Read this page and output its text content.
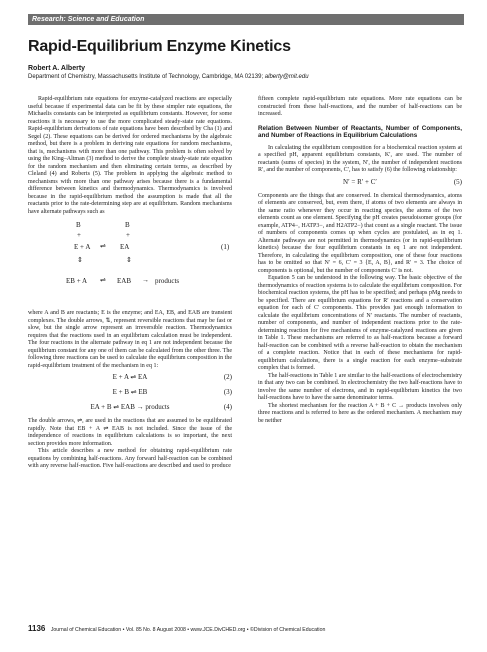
Research: Science and Education
Rapid-Equilibrium Enzyme Kinetics
Robert A. Alberty
Department of Chemistry, Massachusetts Institute of Technology, Cambridge, MA 02139; alberty@mit.edu

Rapid-equilibrium rate equations for enzyme-catalyzed reactions are especially useful because if experimental data can be fit by these simpler rate equations, the Michaelis constants can be interpreted as equilibrium constants. However, for some reactions it is necessary to use the more complicated steady-state rate equations. Rapid-equilibrium derivations of rate equations have been described by Cha (1) and Segel (2). These equations can be derived for ordered mechanisms by the algebraic method, but there is a problem in deriving rate equations for random mechanisms, that is, mechanisms with more than one pathway. This problem is often solved by using the King–Altman (3) method to derive the complete steady-state rate equation for the random mechanism and then eliminating certain terms, as described by Cleland (4) and Roberts (5). The problem in applying the algebraic method to mechanisms with more than one pathway arises because there is a fundamental difference between kinetics and thermodynamics. Thermodynamics is involved because in the rapid-equilibrium method the assumption is made that all the reactants prior to the rate-determining step are at equilibrium. Random mechanisms have alternate pathways such as

B	B
+	+
E + A ⇌ EA	(1)
⇕	⇕
EB + A ⇌ EAB → products

where A and B are reactants; E is the enzyme; and EA, EB, and EAB are transient complexes. The double arrows, ⇅, represent reversible reactions that may be fast or slow, but the single arrow represent an irreversible reaction. Thermodynamics requires that the reactions used in an equilibrium calculation must be independent. The four reactions in the alternate pathway in eq 1 are not independent because the equilibrium constant for any one of them can be calculated from the other three. The following three reactions can be used to calculate the equilibrium composition in the rapid-equilibrium treatment of the mechanism in eq 1:

E + A ⇌ EA	(2)
E + B ⇌ EB	(3)
EA + B ⇌ EAB → products	(4)

The double arrows, ⇌, are used in the reactions that are assumed to be equilibrated rapidly. Note that EB + A ⇌ EAB is not included. Since the issue of the independence of reactions in equilibrium calculations is so important, the next section provides more information.

This article describes a new method for obtaining rapid-equilibrium rate equations by combining half-reactions. Any forward half-reaction can be combined with any reverse half-reaction. Five half-reactions are described and used to produce

fifteen complete rapid-equilibrium rate equations. More rate equations can be constructed from these half-reactions, and the number of half-reactions can be increased.

Relation Between Number of Reactants, Number of Components, and Number of Reactions in Equilibrium Calculations

In calculating the equilibrium composition for a biochemical reaction system at a specified pH, apparent equilibrium constants, K′, are used. The number of reactants (sums of species) in the system, N′, the number of independent reactions R′, and the number of components, C′, has to satisfy (6) the following relationship:

N′ = R′ + C′	(5)

Components are the things that are conserved. In chemical thermodynamics, atoms of elements are conserved, but, even there, if atoms of two elements are always in the same ratio whenever they occur in reacting species, the atoms of the two elements count as one element. Specifying the pH creates pseudoisomer groups (for example, ATP4−, HATP3−, and H2ATP2−) that count as a single reactant. The issue of numbers of components comes up when cycles are postulated, as in eq 1. Alternate pathways are not permitted in thermodynamics (or in rapid-equilibrium kinetics) because the four equilibrium constants in eq 1 are not independent. Therefore, in calculating the equilibrium composition, one of these four reactions has to be omitted so that N′ = 6, C′ = 3 {E, A, B}, and R′ = 3. The choice of components is optional, but the number of components C′ is not.

Equation 5 can be understood in the following way. The basic objective of the thermodynamics of reaction systems is to calculate the equilibrium composition. For biochemical reaction systems, the pH has to be specified; and perhaps pMg needs to be specified. There are equilibrium equations for R′ reactions and a conservation equation for each of C′ components. This provides just enough information to calculate the equilibrium concentrations of N′ reactants. The number of reactants, number of components, and number of independent reactions prior to the rate-determining reaction for five mechanisms of enzyme-catalyzed reactions are given in Table 1. These mechanisms are referred to as half-reactions because a forward half-reaction can be combined with a reverse half-reaction to obtain the mechanism of a complete reaction. Notice that in each of these mechanisms for rapid-equilibrium calculations, there is a single reaction for each enzyme–substrate complex that is formed.

The half-reactions in Table 1 are similar to the half-reactions of electrochemistry in that any two can be combined. In electrochemistry the two half-reactions have to involve the same number of electrons, and in rapid-equilibrium kinetics the two half-reactions have to have the same denominator terms.

The shortest mechanism for the reaction A + B + C → products involves only three reactions and is referred to here as the ordered mechanism. A mechanism may be neither

1136 Journal of Chemical Education • Vol. 85 No. 8 August 2008 • www.JCE.DivCHED.org • ©Division of Chemical Education
